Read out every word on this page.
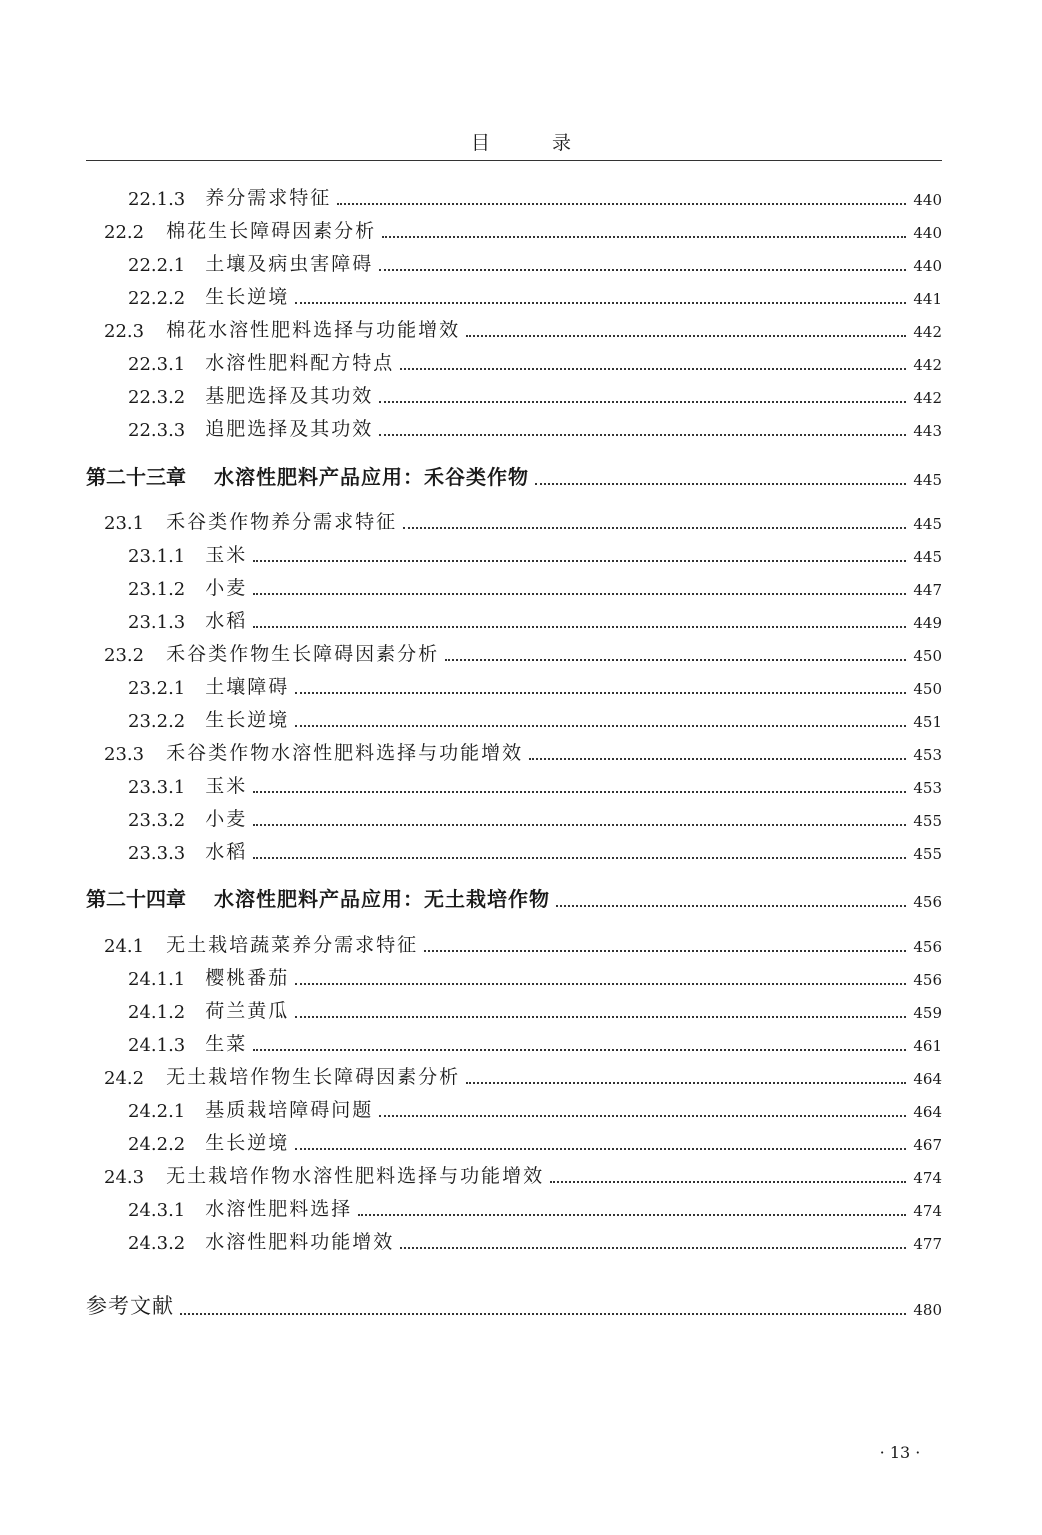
目 录
22.1.3 养分需求特征	440
22.2 棉花生长障碍因素分析	440
22.2.1 土壤及病虫害障碍	440
22.2.2 生长逆境	441
22.3 棉花水溶性肥料选择与功能增效	442
22.3.1 水溶性肥料配方特点	442
22.3.2 基肥选择及其功效	442
22.3.3 追肥选择及其功效	443
第二十三章 水溶性肥料产品应用：禾谷类作物	445
23.1 禾谷类作物养分需求特征	445
23.1.1 玉米	445
23.1.2 小麦	447
23.1.3 水稻	449
23.2 禾谷类作物生长障碍因素分析	450
23.2.1 土壤障碍	450
23.2.2 生长逆境	451
23.3 禾谷类作物水溶性肥料选择与功能增效	453
23.3.1 玉米	453
23.3.2 小麦	455
23.3.3 水稻	455
第二十四章 水溶性肥料产品应用：无土栽培作物	456
24.1 无土栽培蔬菜养分需求特征	456
24.1.1 樱桃番茄	456
24.1.2 荷兰黄瓜	459
24.1.3 生菜	461
24.2 无土栽培作物生长障碍因素分析	464
24.2.1 基质栽培障碍问题	464
24.2.2 生长逆境	467
24.3 无土栽培作物水溶性肥料选择与功能增效	474
24.3.1 水溶性肥料选择	474
24.3.2 水溶性肥料功能增效	477
参考文献	480
· 13 ·
